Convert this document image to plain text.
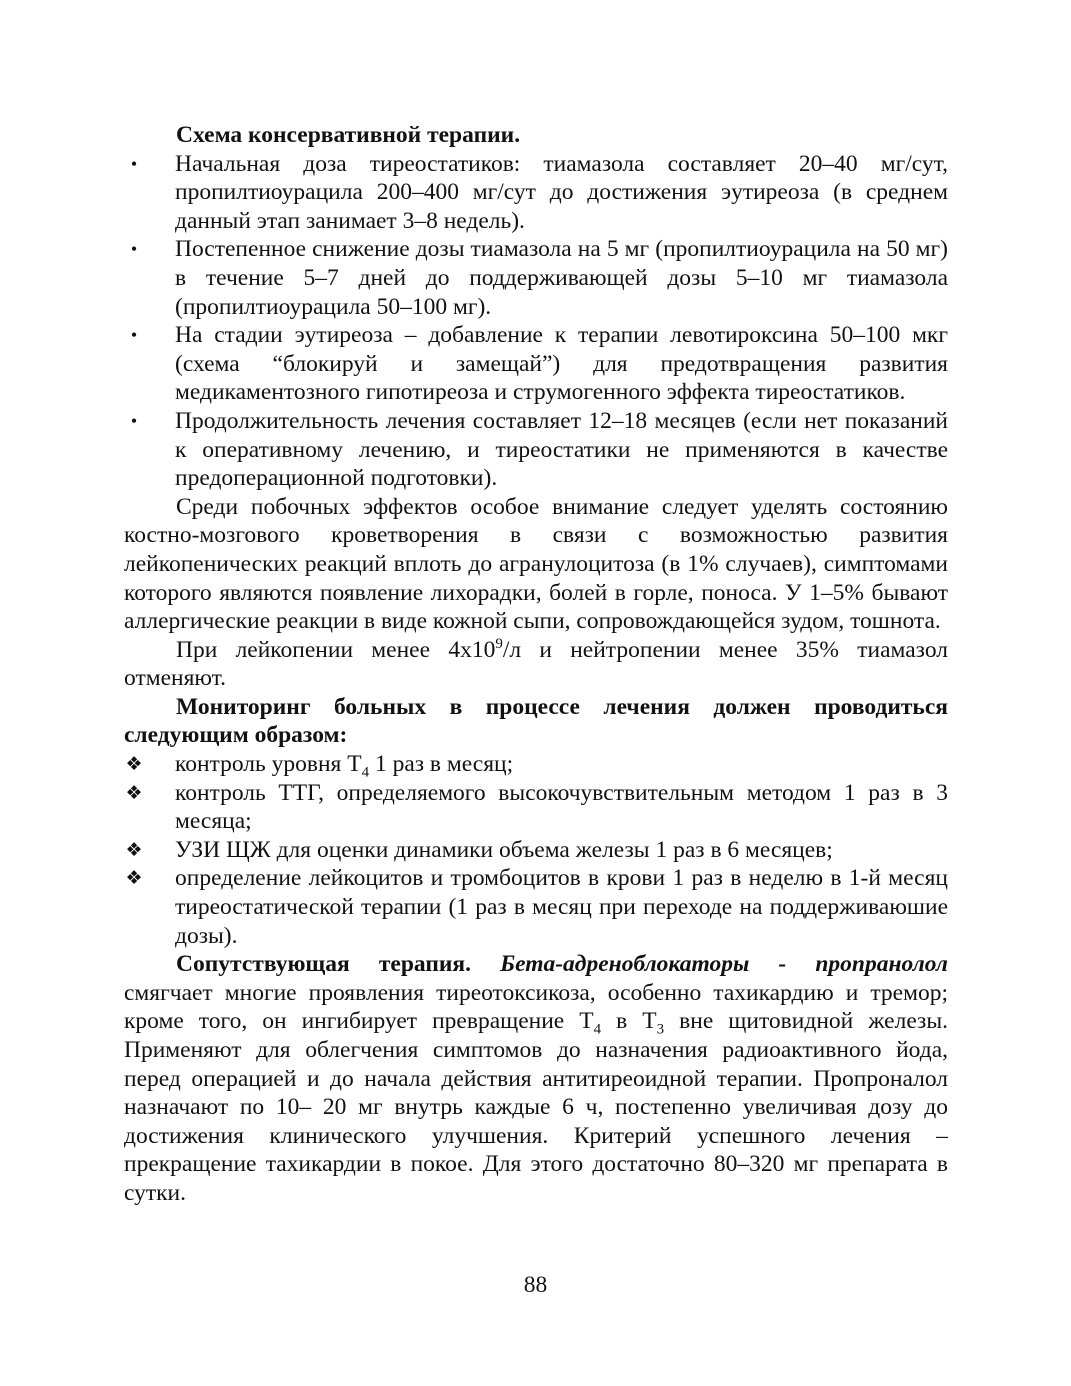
Схема консервативной терапии.

• Начальная доза тиреостатиков: тиамазола составляет 20–40 мг/сут, пропилтиоурацила 200–400 мг/сут до достижения эутиреоза (в среднем данный этап занимает 3–8 недель).
• Постепенное снижение дозы тиамазола на 5 мг (пропилтиоурацила на 50 мг) в течение 5–7 дней до поддерживающей дозы 5–10 мг тиамазола (пропилтиоурацила 50–100 мг).
• На стадии эутиреоза – добавление к терапии левотироксина 50–100 мкг (схема “блокируй и замещай”) для предотвращения развития медикаментозного гипотиреоза и струмогенного эффекта тиреостатиков.
• Продолжительность лечения составляет 12–18 месяцев (если нет показаний к оперативному лечению, и тиреостатики не применяются в качестве предоперационной подготовки).

Среди побочных эффектов особое внимание следует уделять состоянию костно-мозгового кроветворения в связи с возможностью развития лейкопенических реакций вплоть до агранулоцитоза (в 1% случаев), симптомами которого являются появление лихорадки, болей в горле, поноса. У 1–5% бывают аллергические реакции в виде кожной сыпи, сопровождающейся зудом, тошнота.

При лейкопении менее $4х10^9/л$ и нейтропении менее 35% тиамазол отменяют.

Мониторинг больных в процессе лечения должен проводиться следующим образом:

❖ контроль уровня $Т_4$ 1 раз в месяц;
❖ контроль ТТГ, определяемого высокочувствительным методом 1 раз в 3 месяца;
❖ УЗИ ЩЖ для оценки динамики объема железы 1 раз в 6 месяцев;
❖ определение лейкоцитов и тромбоцитов в крови 1 раз в неделю в 1-й месяц тиреостатической терапии (1 раз в месяц при переходе на поддерживаюшие дозы).

Сопутствующая терапия. Бета-адреноблокаторы - пропранолол смягчает многие проявления тиреотоксикоза, особенно тахикардию и тремор; кроме того, он ингибирует превращение $Т_4$ в $Т_3$ вне щитовидной железы. Применяют для облегчения симптомов до назначения радиоактивного йода, перед операцией и до начала действия антитиреоидной терапии. Пропроналол назначают по 10– 20 мг внутрь каждые 6 ч, постепенно увеличивая дозу до достижения клинического улучшения. Критерий успешного лечения – прекращение тахикардии в покое. Для этого достаточно 80–320 мг препарата в сутки.

88
